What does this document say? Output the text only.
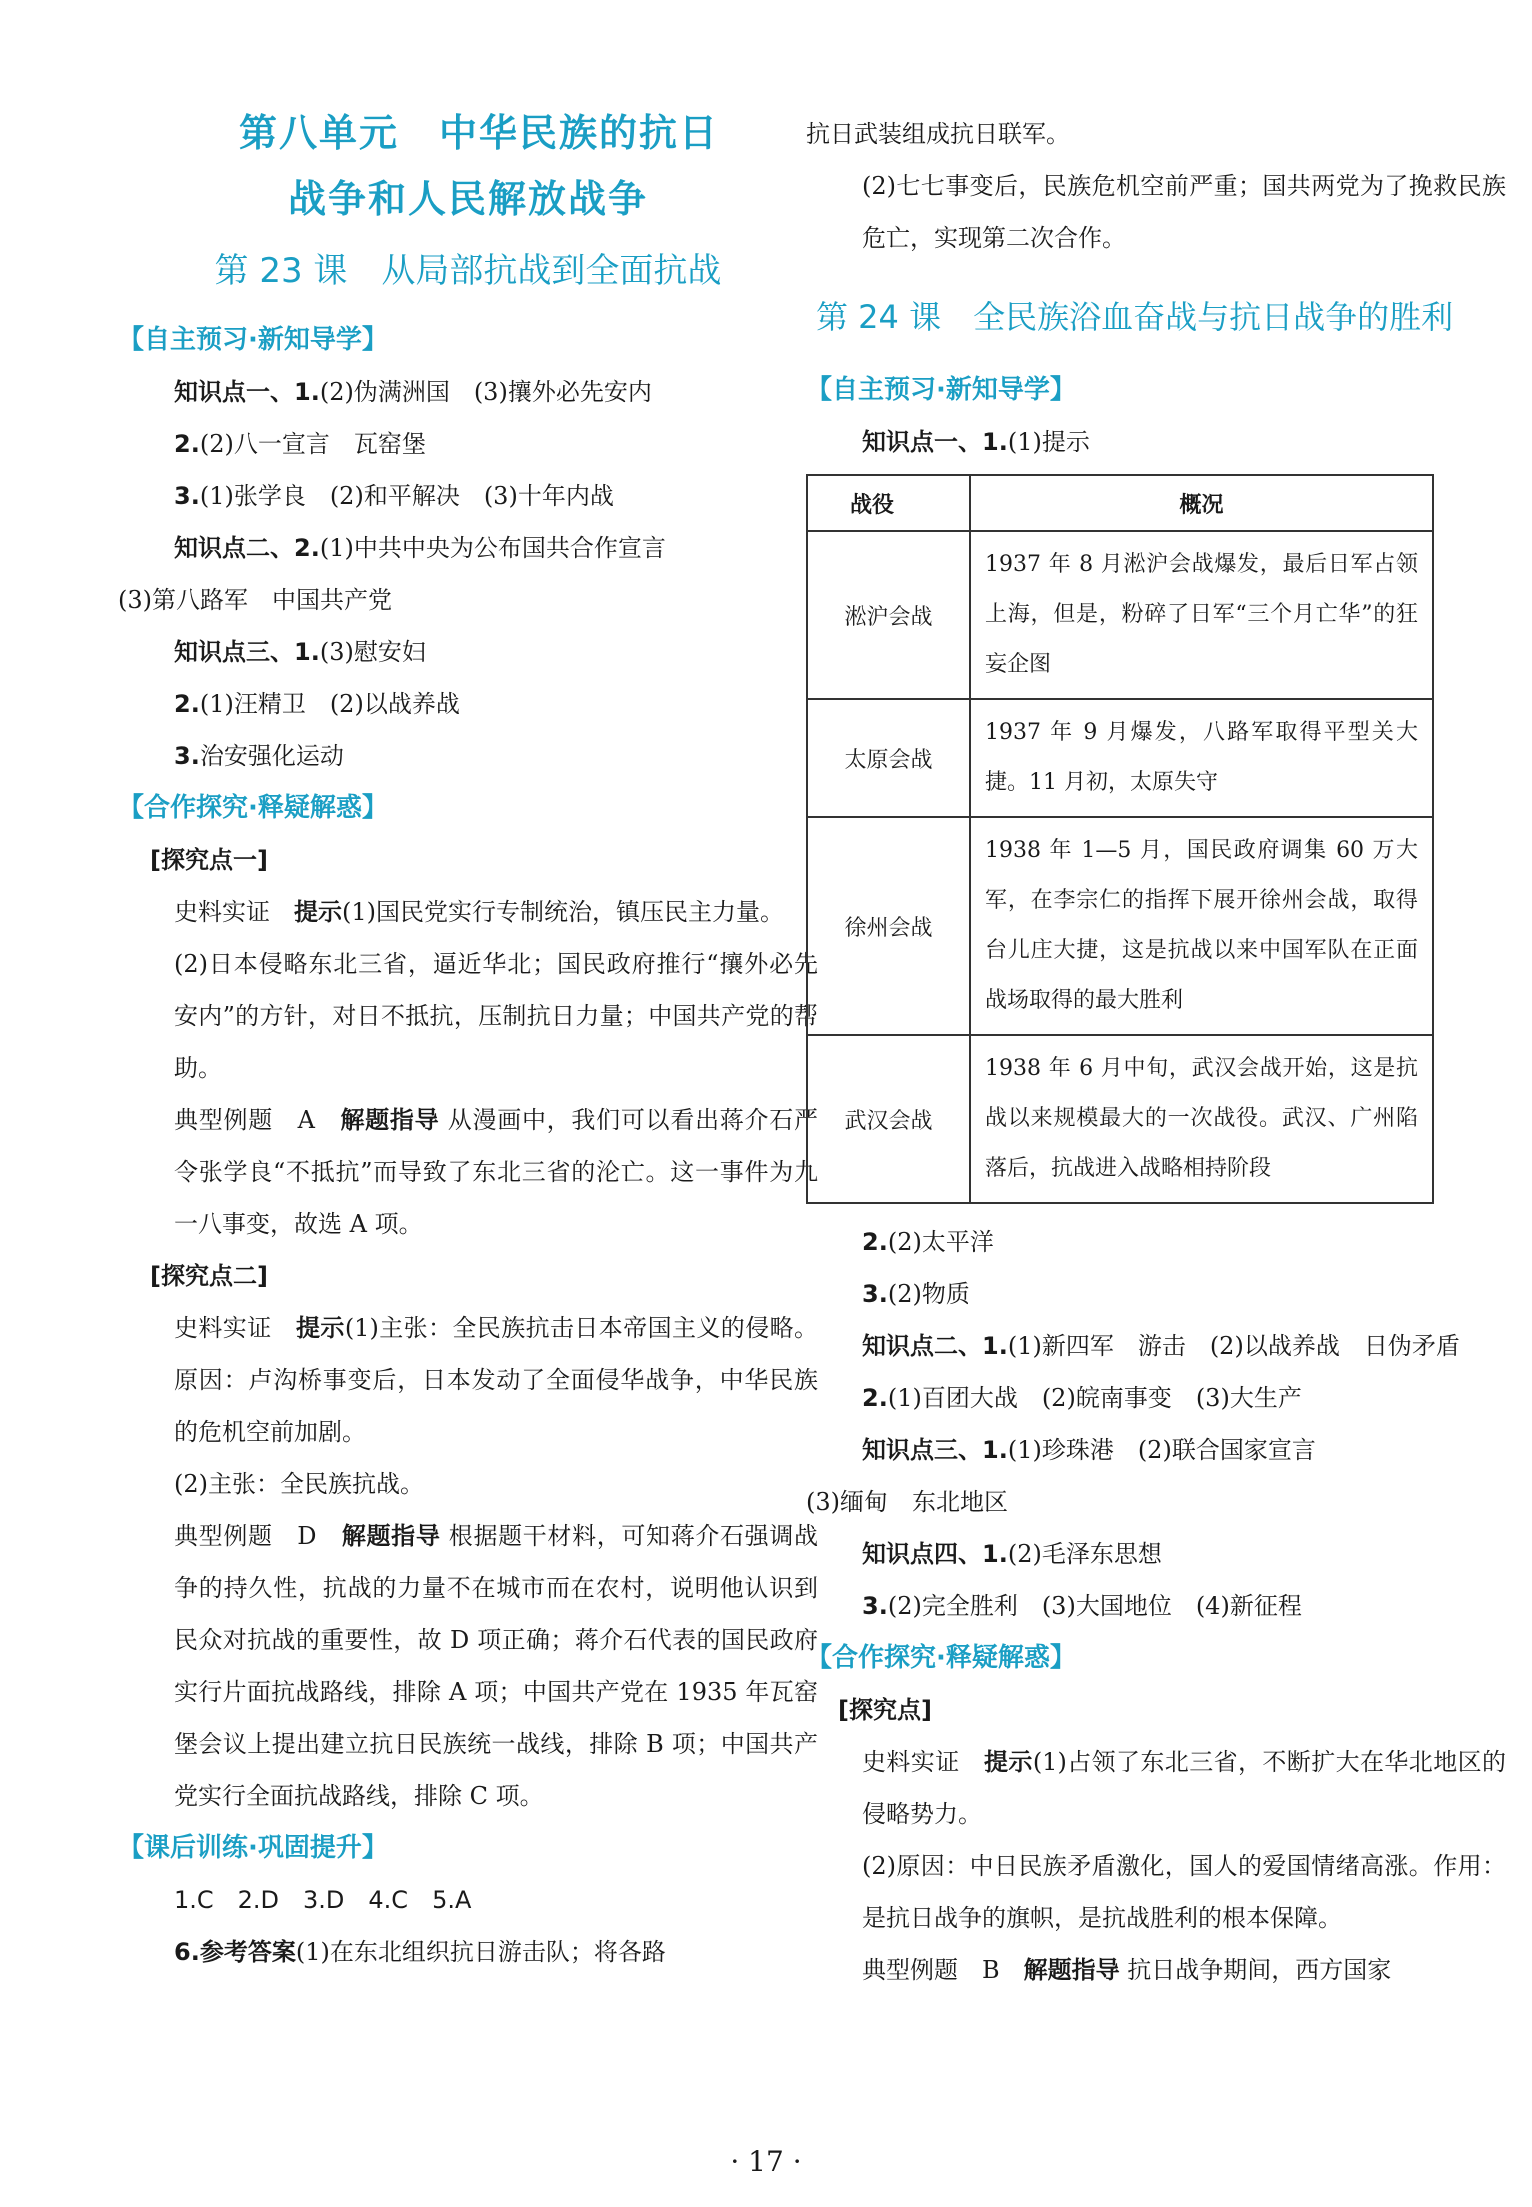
第八单元　中华民族的抗日
战争和人民解放战争
第 23 课　从局部抗战到全面抗战
【自主预习·新知导学】

知识点一、1.(2)伪满洲国　(3)攘外必先安内

2.(2)八一宣言　瓦窑堡

3.(1)张学良　(2)和平解决　(3)十年内战

知识点二、2.(1)中共中央为公布国共合作宣言

(3)第八路军　中国共产党

知识点三、1.(3)慰安妇

2.(1)汪精卫　(2)以战养战

3.治安强化运动

【合作探究·释疑解惑】

[探究点一]

史料实证　提示(1)国民党实行专制统治，镇压民主力量。

(2)日本侵略东北三省，逼近华北；国民政府推行“攘外必先安内”的方针，对日不抵抗，压制抗日力量；中国共产党的帮助。

典型例题　A　解题指导 从漫画中，我们可以看出蒋介石严令张学良“不抵抗”而导致了东北三省的沦亡。这一事件为九一八事变，故选 A 项。

[探究点二]

史料实证　提示(1)主张：全民族抗击日本帝国主义的侵略。原因：卢沟桥事变后，日本发动了全面侵华战争，中华民族的危机空前加剧。

(2)主张：全民族抗战。

典型例题　D　解题指导 根据题干材料，可知蒋介石强调战争的持久性，抗战的力量不在城市而在农村，说明他认识到民众对抗战的重要性，故 D 项正确；蒋介石代表的国民政府实行片面抗战路线，排除 A 项；中国共产党在 1935 年瓦窑堡会议上提出建立抗日民族统一战线，排除 B 项；中国共产党实行全面抗战路线，排除 C 项。

【课后训练·巩固提升】

1.C　2.D　3.D　4.C　5.A

6.参考答案(1)在东北组织抗日游击队；将各路

抗日武装组成抗日联军。

(2)七七事变后，民族危机空前严重；国共两党为了挽救民族危亡，实现第二次合作。

第 24 课　全民族浴血奋战与抗日战争的胜利
【自主预习·新知导学】

知识点一、1.(1)提示

战役	概况
淞沪会战	1937 年 8 月淞沪会战爆发，最后日军占领上海，但是，粉碎了日军“三个月亡华”的狂妄企图
太原会战	1937 年 9 月爆发，八路军取得平型关大捷。11 月初，太原失守
徐州会战	1938 年 1—5 月，国民政府调集 60 万大军，在李宗仁的指挥下展开徐州会战，取得台儿庄大捷，这是抗战以来中国军队在正面战场取得的最大胜利
武汉会战	1938 年 6 月中旬，武汉会战开始，这是抗战以来规模最大的一次战役。武汉、广州陷落后，抗战进入战略相持阶段

2.(2)太平洋

3.(2)物质

知识点二、1.(1)新四军　游击　(2)以战养战　日伪矛盾

2.(1)百团大战　(2)皖南事变　(3)大生产

知识点三、1.(1)珍珠港　(2)联合国家宣言

(3)缅甸　东北地区

知识点四、1.(2)毛泽东思想

3.(2)完全胜利　(3)大国地位　(4)新征程

【合作探究·释疑解惑】

[探究点]

史料实证　提示(1)占领了东北三省，不断扩大在华北地区的侵略势力。

(2)原因：中日民族矛盾激化，国人的爱国情绪高涨。作用：是抗日战争的旗帜，是抗战胜利的根本保障。

典型例题　B　解题指导 抗日战争期间，西方国家

· 17 ·
